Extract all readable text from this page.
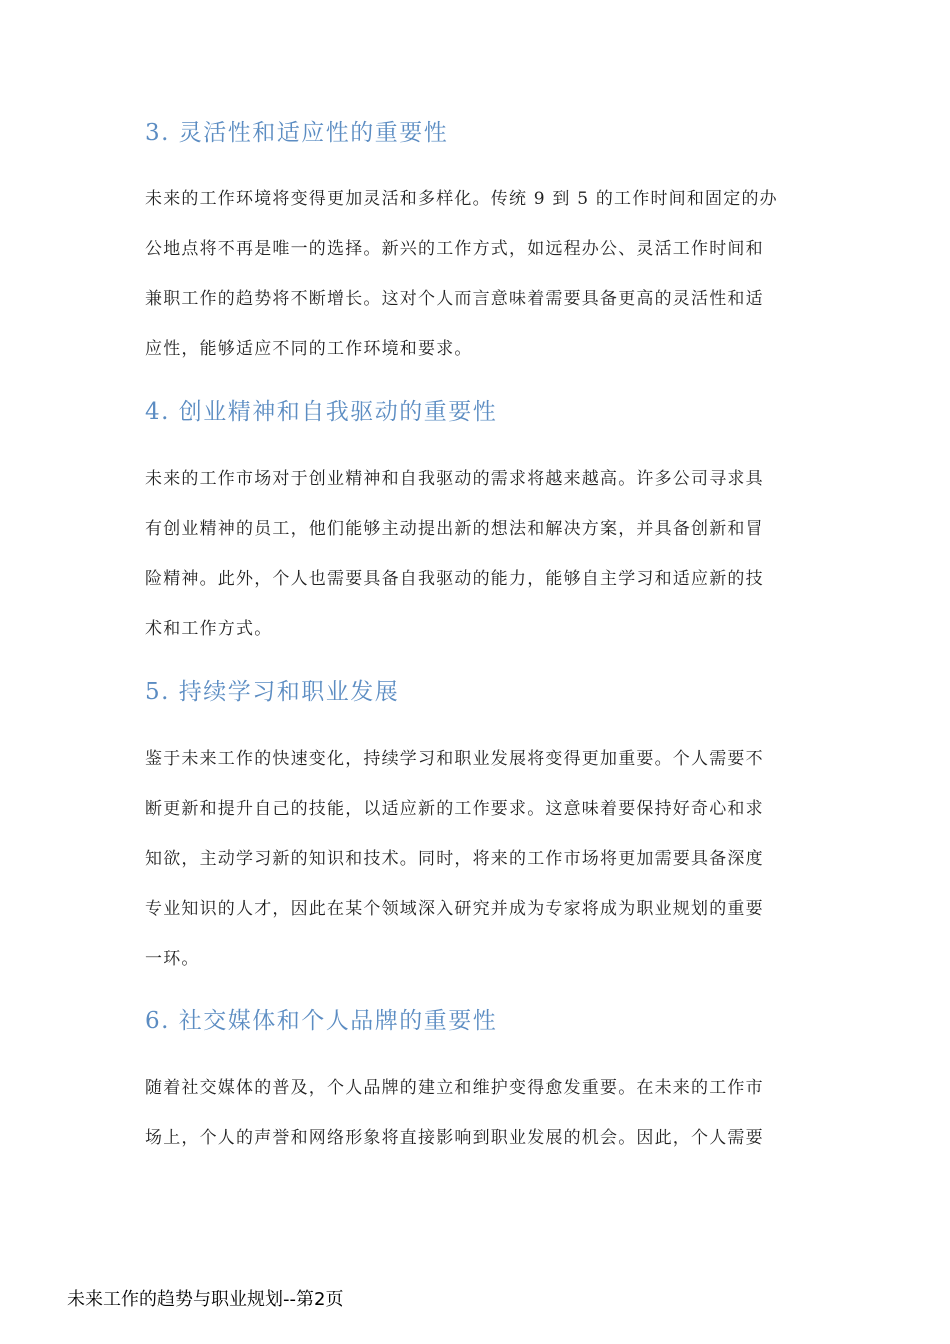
3. 灵活性和适应性的重要性
未来的工作环境将变得更加灵活和多样化。传统 9 到 5 的工作时间和固定的办
公地点将不再是唯一的选择。新兴的工作方式，如远程办公、灵活工作时间和
兼职工作的趋势将不断增长。这对个人而言意味着需要具备更高的灵活性和适
应性，能够适应不同的工作环境和要求。
4. 创业精神和自我驱动的重要性
未来的工作市场对于创业精神和自我驱动的需求将越来越高。许多公司寻求具
有创业精神的员工，他们能够主动提出新的想法和解决方案，并具备创新和冒
险精神。此外，个人也需要具备自我驱动的能力，能够自主学习和适应新的技
术和工作方式。
5. 持续学习和职业发展
鉴于未来工作的快速变化，持续学习和职业发展将变得更加重要。个人需要不
断更新和提升自己的技能，以适应新的工作要求。这意味着要保持好奇心和求
知欲，主动学习新的知识和技术。同时，将来的工作市场将更加需要具备深度
专业知识的人才，因此在某个领域深入研究并成为专家将成为职业规划的重要
一环。
6. 社交媒体和个人品牌的重要性
随着社交媒体的普及，个人品牌的建立和维护变得愈发重要。在未来的工作市
场上，个人的声誉和网络形象将直接影响到职业发展的机会。因此，个人需要
未来工作的趋势与职业规划--第2页
